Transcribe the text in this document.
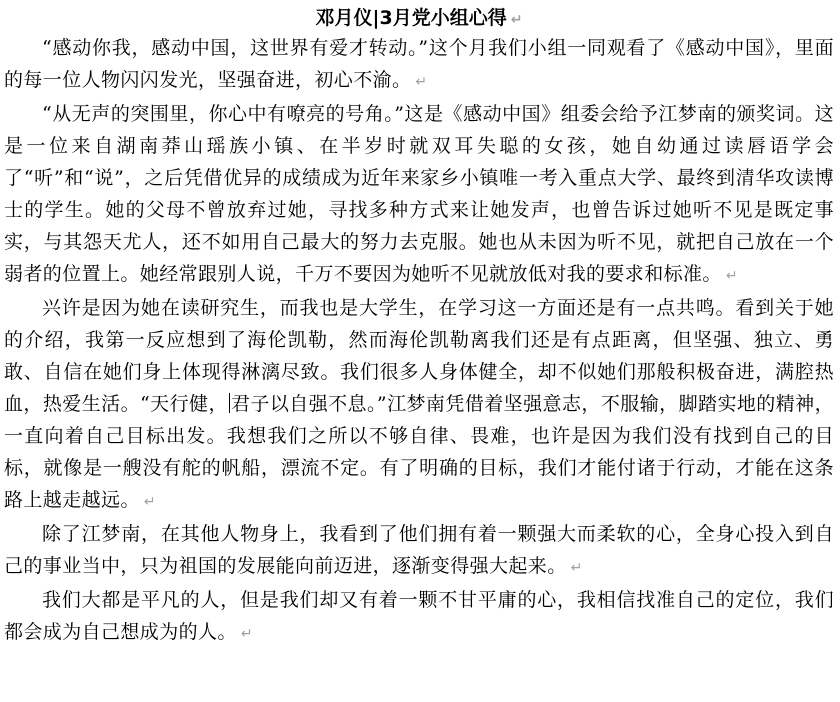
邓月仪|3月党小组心得 ↵

“感动你我，感动中国，这世界有爱才转动。”这个月我们小组一同观看了《感动中国》，里面的每一位人物闪闪发光，坚强奋进，初心不渝。 ↵

“从无声的突围里，你心中有嘹亮的号角。”这是《感动中国》组委会给予江梦南的颁奖词。这是一位来自湖南莽山瑶族小镇、在半岁时就双耳失聪的女孩，她自幼通过读唇语学会了“听”和“说”，之后凭借优异的成绩成为近年来家乡小镇唯一考入重点大学、最终到清华攻读博士的学生。她的父母不曾放弃过她，寻找多种方式来让她发声，也曾告诉过她听不见是既定事实，与其怨天尤人，还不如用自己最大的努力去克服。她也从未因为听不见，就把自己放在一个弱者的位置上。她经常跟别人说，千万不要因为她听不见就放低对我的要求和标准。 ↵

兴许是因为她在读研究生，而我也是大学生，在学习这一方面还是有一点共鸣。看到关于她的介绍，我第一反应想到了海伦凯勒，然而海伦凯勒离我们还是有点距离，但坚强、独立、勇敢、自信在她们身上体现得淋漓尽致。我们很多人身体健全，却不似她们那般积极奋进，满腔热血，热爱生活。“天行健， 君子以自强不息。”江梦南凭借着坚强意志，不服输，脚踏实地的精神，一直向着自己目标出发。我想我们之所以不够自律、畏难，也许是因为我们没有找到自己的目标，就像是一艘没有舵的帆船，漂流不定。有了明确的目标，我们才能付诸于行动，才能在这条路上越走越远。 ↵

除了江梦南，在其他人物身上，我看到了他们拥有着一颗强大而柔软的心，全身心投入到自己的事业当中，只为祖国的发展能向前迈进，逐渐变得强大起来。 ↵

我们大都是平凡的人，但是我们却又有着一颗不甘平庸的心，我相信找准自己的定位，我们都会成为自己想成为的人。 ↵
